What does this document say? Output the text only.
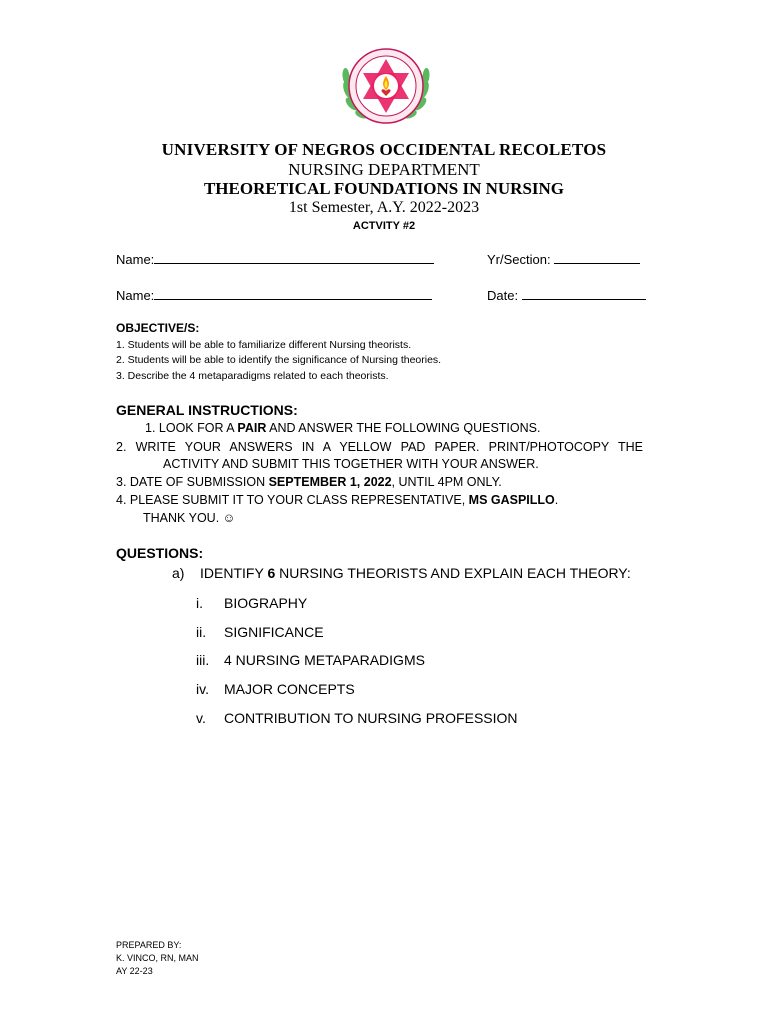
UNIVERSITY OF NEGROS OCCIDENTAL RECOLETOS
NURSING DEPARTMENT
THEORETICAL FOUNDATIONS IN NURSING
1st Semester, A.Y. 2022-2023
ACTVITY #2
Name:	Yr/Section:
Name:	Date:
OBJECTIVE/S:
1. Students will be able to familiarize different Nursing theorists.
2. Students will be able to identify the significance of Nursing theories.
3. Describe the 4 metaparadigms related to each theorists.
GENERAL INSTRUCTIONS:
1. LOOK FOR A PAIR AND ANSWER THE FOLLOWING QUESTIONS.
2. WRITE YOUR ANSWERS IN A YELLOW PAD PAPER. PRINT/PHOTOCOPY THE
ACTIVITY AND SUBMIT THIS TOGETHER WITH YOUR ANSWER.
3. DATE OF SUBMISSION SEPTEMBER 1, 2022, UNTIL 4PM ONLY.
4. PLEASE SUBMIT IT TO YOUR CLASS REPRESENTATIVE, MS GASPILLO.
THANK YOU. ☺
QUESTIONS:
a) IDENTIFY 6 NURSING THEORISTS AND EXPLAIN EACH THEORY:
i. BIOGRAPHY
ii. SIGNIFICANCE
iii. 4 NURSING METAPARADIGMS
iv. MAJOR CONCEPTS
v. CONTRIBUTION TO NURSING PROFESSION
PREPARED BY:
K. VINCO, RN, MAN
AY 22-23
